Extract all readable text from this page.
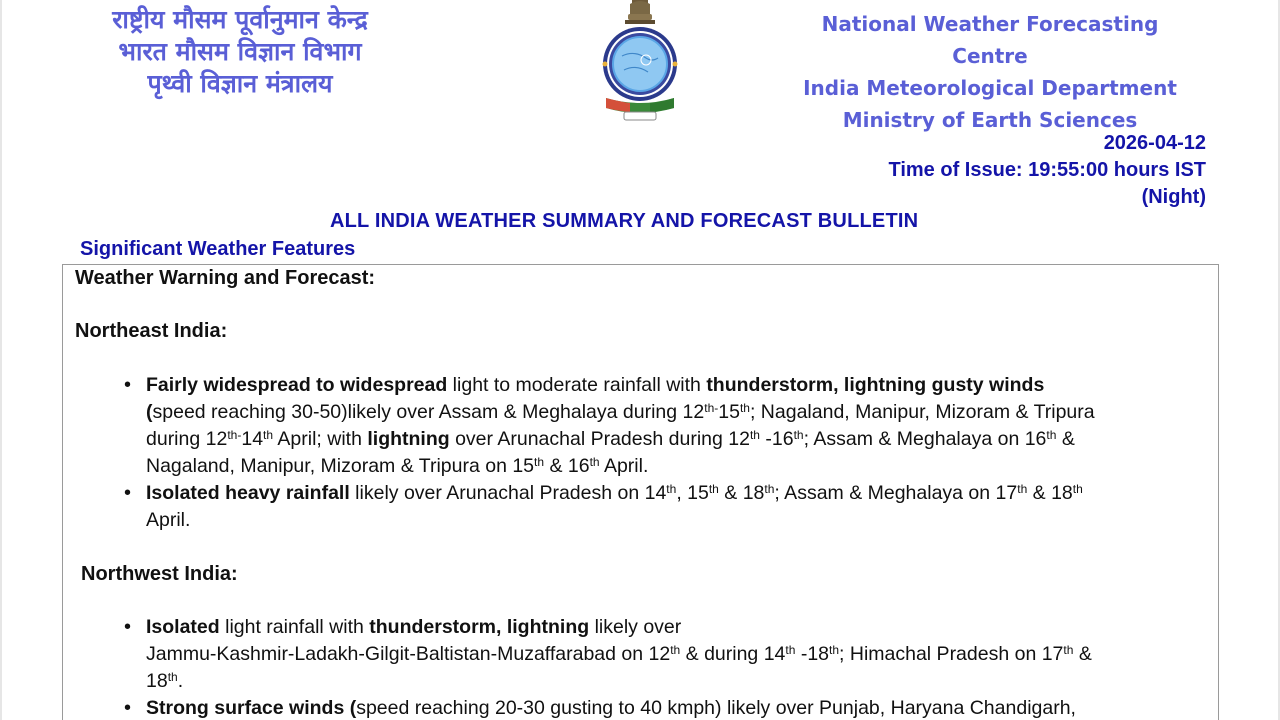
राष्ट्रीय मौसम पूर्वानुमान केन्द्र
भारत मौसम विज्ञान विभाग
पृथ्वी विज्ञान मंत्रालय
National Weather Forecasting Centre
India Meteorological Department
Ministry of Earth Sciences
2026-04-12
Time of Issue: 19:55:00 hours IST
(Night)
ALL INDIA WEATHER SUMMARY AND FORECAST BULLETIN
Significant Weather Features
Weather Warning and Forecast:
Northeast India:
• Fairly widespread to widespread light to moderate rainfall with thunderstorm, lightning gusty winds
(speed reaching 30-50)likely over Assam & Meghalaya during $12^{th-}15th$; Nagaland, Manipur, Mizoram & Tripura
during $12^{th-}14th$ April; with lightning over Arunachal Pradesh during 12th -16th; Assam & Meghalaya on 16th &
Nagaland, Manipur, Mizoram & Tripura on 15th & 16th April.
• Isolated heavy rainfall likely over Arunachal Pradesh on 14th, 15th & 18th; Assam & Meghalaya on 17th & 18th
April.
Northwest India:
• Isolated light rainfall with thunderstorm, lightning likely over
Jammu-Kashmir-Ladakh-Gilgit-Baltistan-Muzaffarabad on 12th & during 14th -18th; Himachal Pradesh on 17th &
18th.
• Strong surface winds (speed reaching 20-30 gusting to 40 kmph) likely over Punjab, Haryana Chandigarh,
